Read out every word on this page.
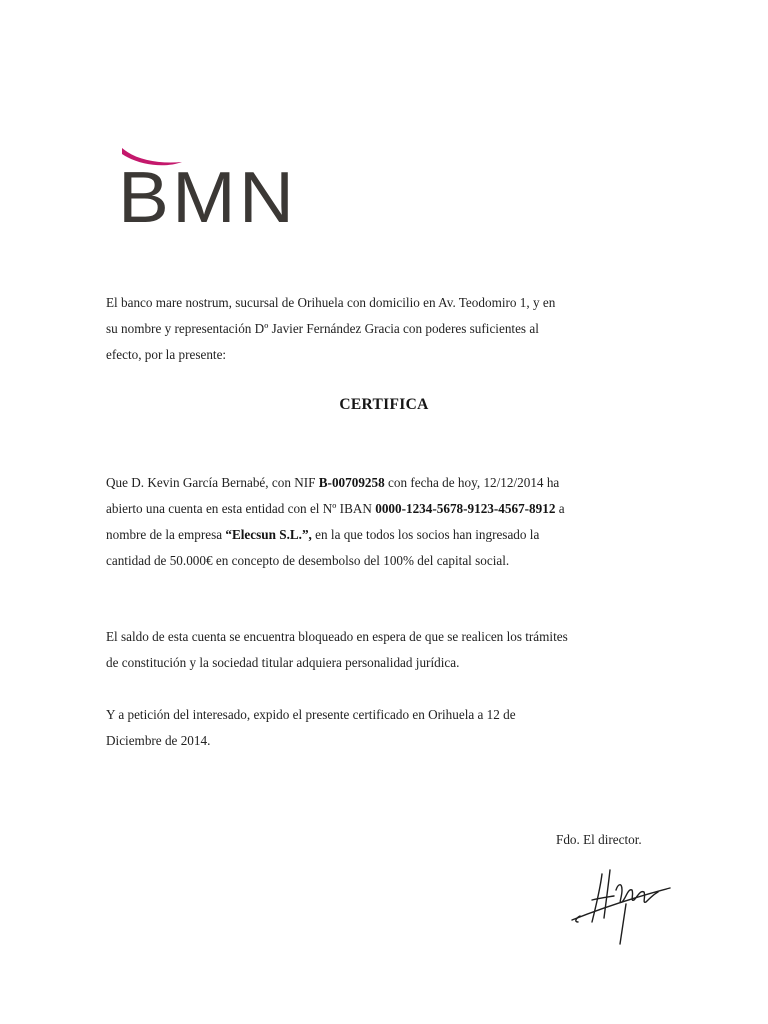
BMN

El banco mare nostrum, sucursal de Orihuela con domicilio en Av. Teodomiro 1, y en
su nombre y representación Dº Javier Fernández Gracia con poderes suficientes al
efecto, por la presente:

CERTIFICA

Que D. Kevin García Bernabé, con NIF B-00709258 con fecha de hoy, 12/12/2014 ha
abierto una cuenta en esta entidad con el Nº IBAN 0000-1234-5678-9123-4567-8912 a
nombre de la empresa “Elecsun S.L.”, en la que todos los socios han ingresado la
cantidad de 50.000€ en concepto de desembolso del 100% del capital social.

El saldo de esta cuenta se encuentra bloqueado en espera de que se realicen los trámites
de constitución y la sociedad titular adquiera personalidad jurídica.

Y a petición del interesado, expido el presente certificado en Orihuela a 12 de
Diciembre de 2014.

Fdo. El director.
